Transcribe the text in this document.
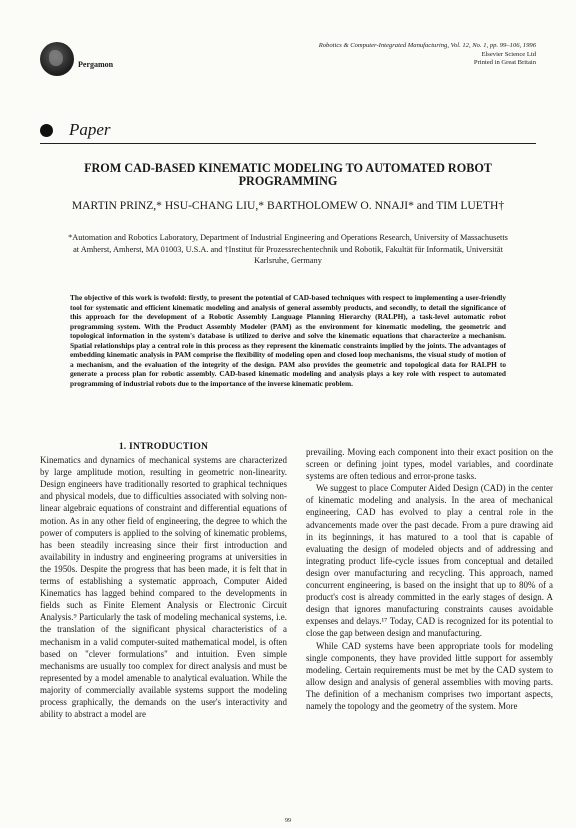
Pergamon
Robotics & Computer-Integrated Manufacturing, Vol. 12, No. 1, pp. 99–106, 1996
Elsevier Science Ltd
Printed in Great Britain
Paper
FROM CAD-BASED KINEMATIC MODELING TO AUTOMATED ROBOT PROGRAMMING
MARTIN PRINZ,* HSU-CHANG LIU,* BARTHOLOMEW O. NNAJI* and TIM LUETH†
*Automation and Robotics Laboratory, Department of Industrial Engineering and Operations Research, University of Massachusetts at Amherst, Amherst, MA 01003, U.S.A. and †Institut für Prozessrechentechnik und Robotik, Fakultät für Informatik, Universität Karlsruhe, Germany
The objective of this work is twofold: firstly, to present the potential of CAD-based techniques with respect to implementing a user-friendly tool for systematic and efficient kinematic modeling and analysis of general assembly products, and secondly, to detail the significance of this approach for the development of a Robotic Assembly Language Planning Hierarchy (RALPH), a task-level automatic robot programming system. With the Product Assembly Modeler (PAM) as the environment for kinematic modeling, the geometric and topological information in the system's database is utilized to derive and solve the kinematic equations that characterize a mechanism. Spatial relationships play a central role in this process as they represent the kinematic constraints implied by the joints. The advantages of embedding kinematic analysis in PAM comprise the flexibility of modeling open and closed loop mechanisms, the visual study of motion of a mechanism, and the evaluation of the integrity of the design. PAM also provides the geometric and topological data for RALPH to generate a process plan for robotic assembly. CAD-based kinematic modeling and analysis plays a key role with respect to automated programming of industrial robots due to the importance of the inverse kinematic problem.
1. INTRODUCTION

Kinematics and dynamics of mechanical systems are characterized by large amplitude motion, resulting in geometric non-linearity. Design engineers have traditionally resorted to graphical techniques and physical models, due to difficulties associated with solving non-linear algebraic equations of constraint and differential equations of motion. As in any other field of engineering, the degree to which the power of computers is applied to the solving of kinematic problems, has been steadily increasing since their first introduction and availability in industry and engineering programs at universities in the 1950s. Despite the progress that has been made, it is felt that in terms of establishing a systematic approach, Computer Aided Kinematics has lagged behind compared to the developments in fields such as Finite Element Analysis or Electronic Circuit Analysis.⁹ Particularly the task of modeling mechanical systems, i.e. the translation of the significant physical characteristics of a mechanism in a valid computer-suited mathematical model, is often based on "clever formulations" and intuition. Even simple mechanisms are usually too complex for direct analysis and must be represented by a model amenable to analytical evaluation. While the majority of commercially available systems support the modeling process graphically, the demands on the user's interactivity and ability to abstract a model are

prevailing. Moving each component into their exact position on the screen or defining joint types, model variables, and coordinate systems are often tedious and error-prone tasks.

We suggest to place Computer Aided Design (CAD) in the center of kinematic modeling and analysis. In the area of mechanical engineering, CAD has evolved to play a central role in the advancements made over the past decade. From a pure drawing aid in its beginnings, it has matured to a tool that is capable of evaluating the design of modeled objects and of addressing and integrating product life-cycle issues from conceptual and detailed design over manufacturing and recycling. This approach, named concurrent engineering, is based on the insight that up to 80% of a product's cost is already committed in the early stages of design. A design that ignores manufacturing constraints causes avoidable expenses and delays.¹⁷ Today, CAD is recognized for its potential to close the gap between design and manufacturing.

While CAD systems have been appropriate tools for modeling single components, they have provided little support for assembly modeling. Certain requirements must be met by the CAD system to allow design and analysis of general assemblies with moving parts. The definition of a mechanism comprises two important aspects, namely the topology and the geometry of the system. More

99
